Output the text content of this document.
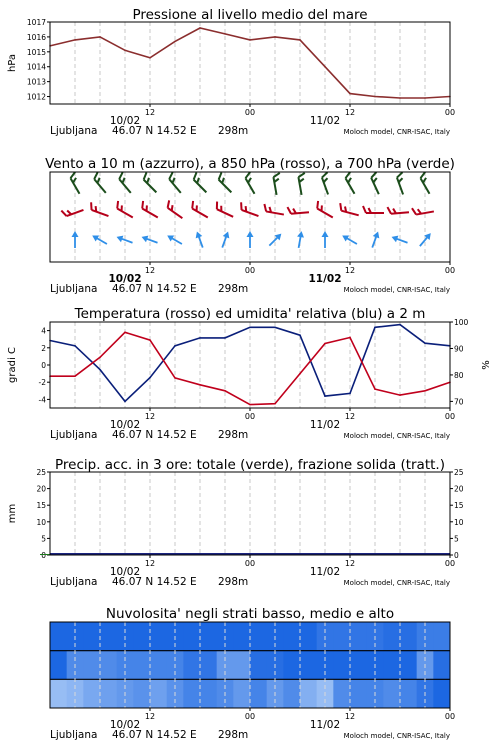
Pressione al livello medio del mare
12	00	12	00
10/02	11/02
Ljubljana 46.07 N 14.52 E 298m	Moloch model, CNR-ISAC, Italy
1012
1013
1014
1015
1016
1017
hPa
Vento a 10 m (azzurro), a 850 hPa (rosso), a 700 hPa (verde)
12	00	12	00
10/02	11/02
Ljubljana 46.07 N 14.52 E 298m	Moloch model, CNR-ISAC, Italy
Temperatura (rosso) ed umidita' relativa (blu) a 2 m
12	00	12	00
10/02	11/02
Ljubljana 46.07 N 14.52 E 298m	Moloch model, CNR-ISAC, Italy
-4
-2
0
2
4
70
80
90
100
gradi C	%
Precip. acc. in 3 ore: totale (verde), frazione solida (tratt.)
12	00	12	00
10/02	11/02
Ljubljana 46.07 N 14.52 E 298m	Moloch model, CNR-ISAC, Italy
0
5
10
15
20
25
0
5
10
15
20
25
mm
Nuvolosita' negli strati basso, medio e alto
12	00	12	00
10/02	11/02
Ljubljana 46.07 N 14.52 E 298m	Moloch model, CNR-ISAC, Italy
